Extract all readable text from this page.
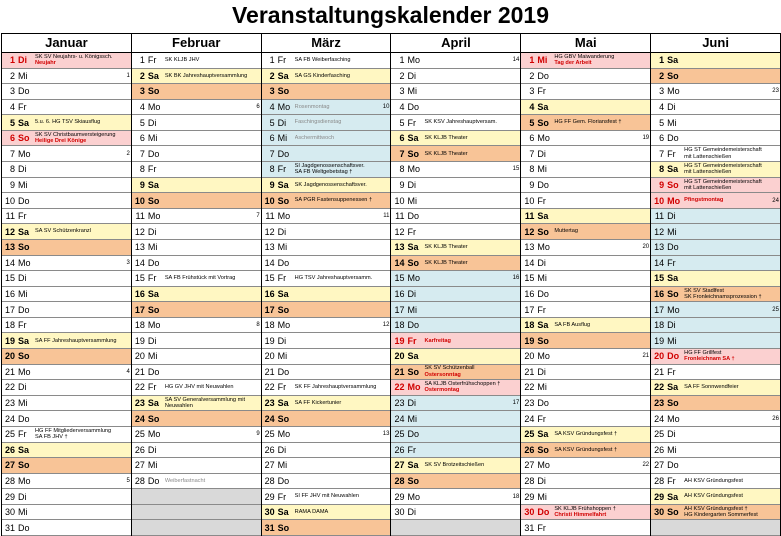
Veranstaltungskalender 2019
Januar
1 Di	SK SV Neujahrs- u. Königssch.
Neujahr
2 Mi	1
3 Do
4 Fr
5 Sa	5.u. 6. HG TSV Skiausflug
6 So SK SV Christbaumversteigerung
Heilige Drei Könige
7 Mo	2
8 Di
9 Mi
10 Do
11 Fr
12 Sa	SA SV Schützenkranzl
13 So
14 Mo	3
15 Di
16 Mi
17 Do
18 Fr
19 Sa	SA FF Jahreshauptversammlung
20 So
21 Mo	4
22 Di
23 Mi
24 Do
25 Fr	HG FF Mitgliederversammlung
SA FB JHV †
26 Sa
27 So
28 Mo	5
29 Di
30 Mi
31 Do
Februar
1 Fr	SK KLJB JHV
2 Sa	SK BK Jahreshauptversammlung
3 So
4 Mo	6
5 Di
6 Mi
7 Do
8 Fr
9 Sa
10 So
11 Mo	7
12 Di
13 Mi
14 Do
15 Fr	SA FB Frühstück mit Vortrag
16 Sa
17 So
18 Mo	8
19 Di
20 Mi
21 Do
22 Fr	HG GV JHV mit Neuwahlen
23 Sa	SA SV Generalversammlung mit
Neuwahlen
24 So
25 Mo	9
26 Di
27 Mi
28 Do Weiberfastnacht
März
1 Fr	SA FB Weiberfasching
2 Sa	SA GS Kinderfasching
3 So
4 Mo Rosenmontag	10
5 Di	Faschingsdienstag
6 Mi	Aschermittwoch
7 Do
8 Fr	SI Jagdgenossenschaftsver.
SA FB Weltgebetstag †
9 Sa	SK Jagdgenossenschaftsver.
10 So SA PGR Fastensuppenessen †
11 Mo	11
12 Di
13 Mi
14 Do
15 Fr	HG TSV Jahreshauptversamm.
16 Sa
17 So
18 Mo	12
19 Di
20 Mi
21 Do
22 Fr	SK FF Jahreshauptversammlung
23 Sa	SA FF Kickertunier
24 So
25 Mo	13
26 Di
27 Mi
28 Do
29 Fr	SI FF JHV mit Neuwahlen
30 Sa	RAMA DAMA
31 So
April
1 Mo	14
2 Di
3 Mi
4 Do
5 Fr	SK KSV Jahreshauptversam.
6 Sa	SK KLJB Theater
7 So SK KLJB Theater
8 Mo	15
9 Di
10 Mi
11 Do
12 Fr
13 Sa	SK KLJB Theater
14 So SK KLJB Theater
15 Mo	16
16 Di
17 Mi
18 Do
19 Fr	Karfreitag
20 Sa
21 So SK SV Schützenball
Ostersonntag
22 Mo SA KLJB Osterfrühschoppen †
Ostermontag
23 Di	17
24 Mi
25 Do
26 Fr
27 Sa	SK SV Brotzeitschießen
28 So
29 Mo	18
30 Di
Mai
1 Mi	HG GBV Maiwanderung
Tag der Arbeit
2 Do
3 Fr
4 Sa
5 So HG FF Gem. Floriansfest †
6 Mo	19
7 Di
8 Mi
9 Do
10 Fr
11 Sa
12 So Muttertag
13 Mo	20
14 Di
15 Mi
16 Do
17 Fr
18 Sa	SA FB Ausflug
19 So
20 Mo	21
21 Di
22 Mi
23 Do
24 Fr
25 Sa	SA KSV Gründungsfest †
26 So SA KSV Gründungsfest †
27 Mo	22
28 Di
29 Mi
30 Do SK KLJB Frühshoppen †
Christi Himmelfahrt
31 Fr
Juni
1 Sa
2 So
3 Mo	23
4 Di
5 Mi
6 Do
7 Fr	HG ST Gemeindemeisterschaft
mit Lattenschießen
8 Sa	HG ST Gemeindemeisterschaft
mit Lattenschießen
9 So HG ST Gemeindemeisterschaft
mit Lattenschießen
10 Mo Pfingstmontag	24
11 Di
12 Mi
13 Do
14 Fr
15 Sa
16 So SK SV Stadlfest
SK Fronleichnamsprozession †
17 Mo	25
18 Di
19 Mi
20 Do HG FF Grillfest
Fronleichnam SA †
21 Fr
22 Sa	SA FF Sonnwendfeier
23 So
24 Mo	26
25 Di
26 Mi
27 Do
28 Fr	AH KSV Gründungsfest
29 Sa	AH KSV Gründungsfest
30 So AH KSV Gründungsfest †
HG Kindergarten Sommerfest
